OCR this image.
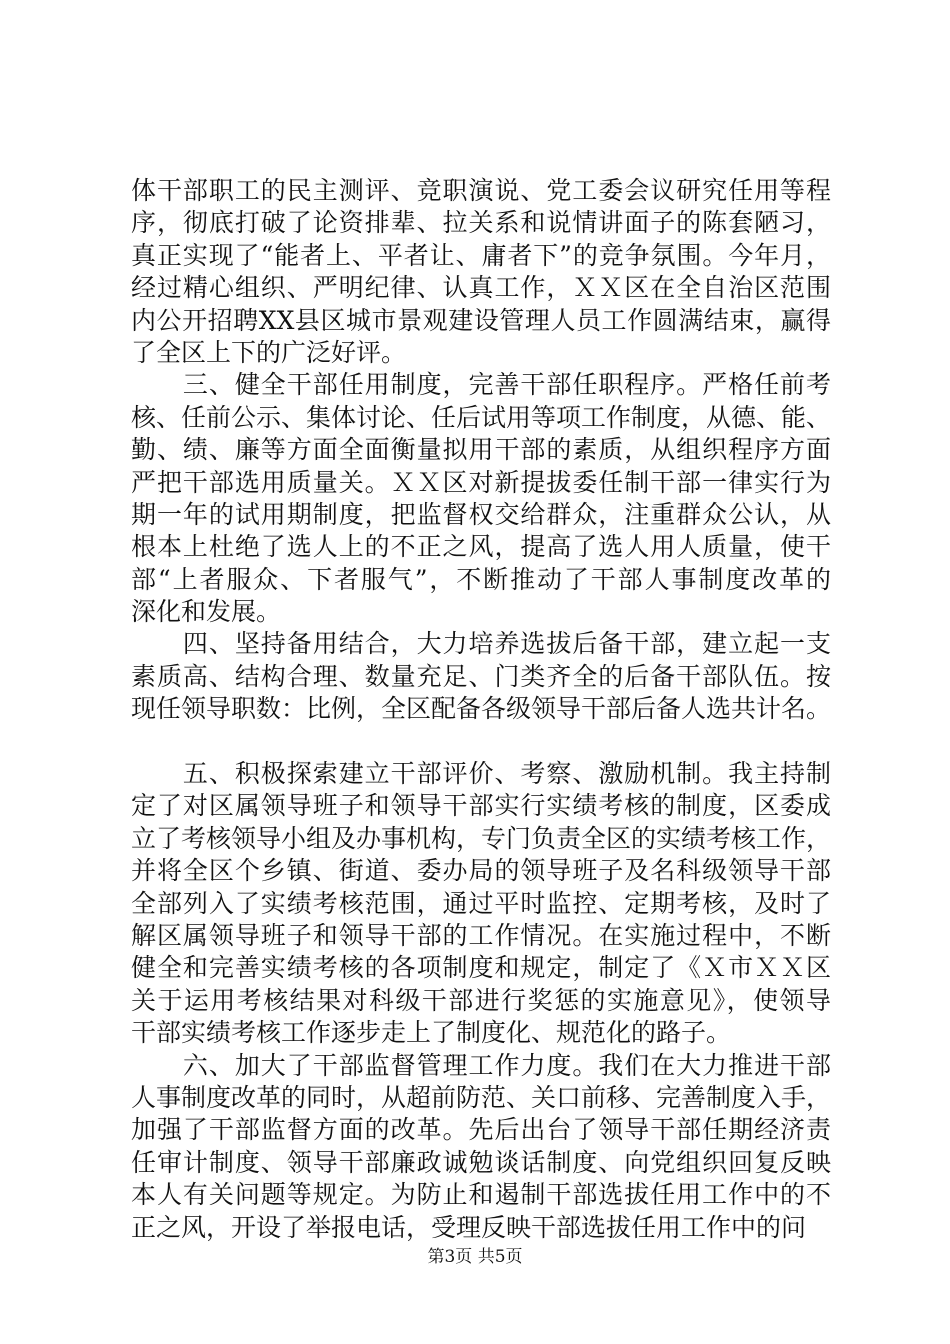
体干部职工的民主测评、竞职演说、党工委会议研究任用等程
序，彻底打破了论资排辈、拉关系和说情讲面子的陈套陋习，
真正实现了“能者上、平者让、庸者下”的竞争氛围。今年月，
经过精心组织、严明纪律、认真工作，ＸＸ区在全自治区范围
内公开招聘XX县区城市景观建设管理人员工作圆满结束，赢得
了全区上下的广泛好评。
　　三、健全干部任用制度，完善干部任职程序。严格任前考
核、任前公示、集体讨论、任后试用等项工作制度，从德、能、
勤、绩、廉等方面全面衡量拟用干部的素质，从组织程序方面
严把干部选用质量关。ＸＸ区对新提拔委任制干部一律实行为
期一年的试用期制度，把监督权交给群众，注重群众公认，从
根本上杜绝了选人上的不正之风，提高了选人用人质量，使干
部“上者服众、下者服气”，不断推动了干部人事制度改革的
深化和发展。
　　四、坚持备用结合，大力培养选拔后备干部，建立起一支
素质高、结构合理、数量充足、门类齐全的后备干部队伍。按
现任领导职数：比例，全区配备各级领导干部后备人选共计名。
　　五、积极探索建立干部评价、考察、激励机制。我主持制
定了对区属领导班子和领导干部实行实绩考核的制度，区委成
立了考核领导小组及办事机构，专门负责全区的实绩考核工作，
并将全区个乡镇、街道、委办局的领导班子及名科级领导干部
全部列入了实绩考核范围，通过平时监控、定期考核，及时了
解区属领导班子和领导干部的工作情况。在实施过程中，不断
健全和完善实绩考核的各项制度和规定，制定了《Ｘ市ＸＸ区
关于运用考核结果对科级干部进行奖惩的实施意见》，使领导
干部实绩考核工作逐步走上了制度化、规范化的路子。
　　六、加大了干部监督管理工作力度。我们在大力推进干部
人事制度改革的同时，从超前防范、关口前移、完善制度入手，
加强了干部监督方面的改革。先后出台了领导干部任期经济责
任审计制度、领导干部廉政诚勉谈话制度、向党组织回复反映
本人有关问题等规定。为防止和遏制干部选拔任用工作中的不
正之风，开设了举报电话，受理反映干部选拔任用工作中的问
第3页 共5页
